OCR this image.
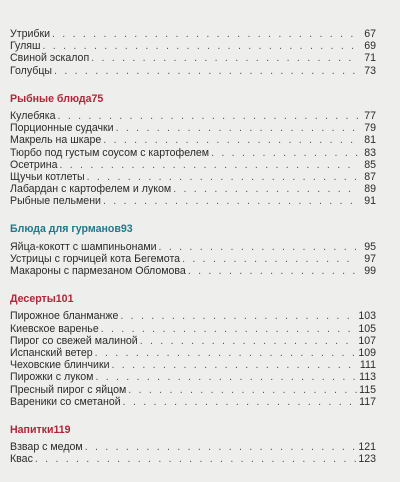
Утрибки . . .	67
Гуляш . . .	69
Свиной эскалоп . . .	71
Голубцы . . .	73
Рыбные блюда 75
Кулебяка . . .	77
Порционные судачки . . .	79
Макрель на шкаре . . .	81
Тюрбо под густым соусом с картофелем . . .	83
Осетрина . . .	85
Щучьи котлеты . . .	87
Лабардан с картофелем и луком . . .	89
Рыбные пельмени . . .	91
Блюда для гурманов 93
Яйца-кокотт с шампиньонами . . .	95
Устрицы с горчицей кота Бегемота . . .	97
Макароны с пармезаном Обломова . . .	99
Десерты 101
Пирожное бланманже . . .	103
Киевское варенье . . .	105
Пирог со свежей малиной . . .	107
Испанский ветер . . .	109
Чеховские блинчики . . .	111
Пирожки с луком . . .	113
Пресный пирог с яйцом . . .	115
Вареники со сметаной . . .	117
Напитки 119
Взвар с медом . . .	121
Квас . . .	123
